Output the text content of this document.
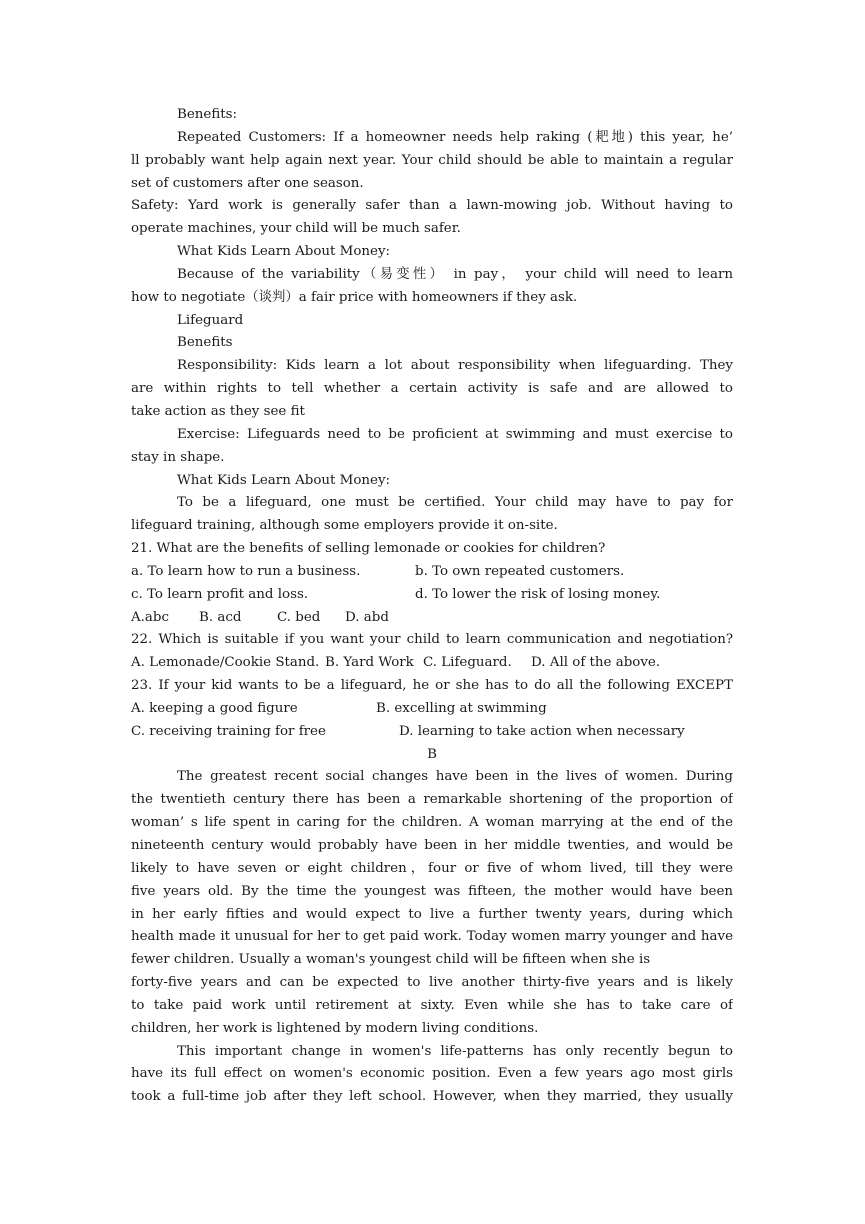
Benefits:
Repeated Customers: If a homeowner needs help raking (耙地) this year, he’
ll probably want help again next year. Your child should be able to maintain a regular
set of customers after one season.
Safety: Yard work is generally safer than a lawn-mowing job. Without having to
operate machines, your child will be much safer.
What Kids Learn About Money:
Because of the variability（易变性） in pay， your child will need to learn
how to negotiate（谈判）a fair price with homeowners if they ask.
Lifeguard
Benefits
Responsibility: Kids learn a lot about responsibility when lifeguarding. They
are within rights to tell whether a certain activity is safe and are allowed to
take action as they see fit
Exercise: Lifeguards need to be proficient at swimming and must exercise to
stay in shape.
What Kids Learn About Money:
To be a lifeguard, one must be certified. Your child may have to pay for
lifeguard training, although some employers provide it on-site.
21. What are the benefits of selling lemonade or cookies for children?
a. To learn how to run a business.	b. To own repeated customers.
c. To learn profit and loss.	d. To lower the risk of losing money.
A.abc	B. acd	C. bed	D. abd
22. Which is suitable if you want your child to learn communication and negotiation?
A. Lemonade/Cookie Stand. B. Yard Work C. Lifeguard.	D. All of the above.
23. If your kid wants to be a lifeguard, he or she has to do all the following EXCEPT
A. keeping a good figure	B. excelling at swimming
C. receiving training for free	D. learning to take action when necessary
B
The greatest recent social changes have been in the lives of women. During
the twentieth century there has been a remarkable shortening of the proportion of
woman’ s life spent in caring for the children. A woman marrying at the end of the
nineteenth century would probably have been in her middle twenties, and would be
likely to have seven or eight children，four or five of whom lived, till they were
five years old. By the time the youngest was fifteen, the mother would have been
in her early fifties and would expect to live a further twenty years, during which
health made it unusual for her to get paid work. Today women marry younger and have
fewer children. Usually a woman's youngest child will be fifteen when she is
forty-five years and can be expected to live another thirty-five years and is likely
to take paid work until retirement at sixty. Even while she has to take care of
children, her work is lightened by modern living conditions.
This important change in women's life-patterns has only recently begun to
have its full effect on women's economic position. Even a few years ago most girls
took a full-time job after they left school. However, when they married, they usually
